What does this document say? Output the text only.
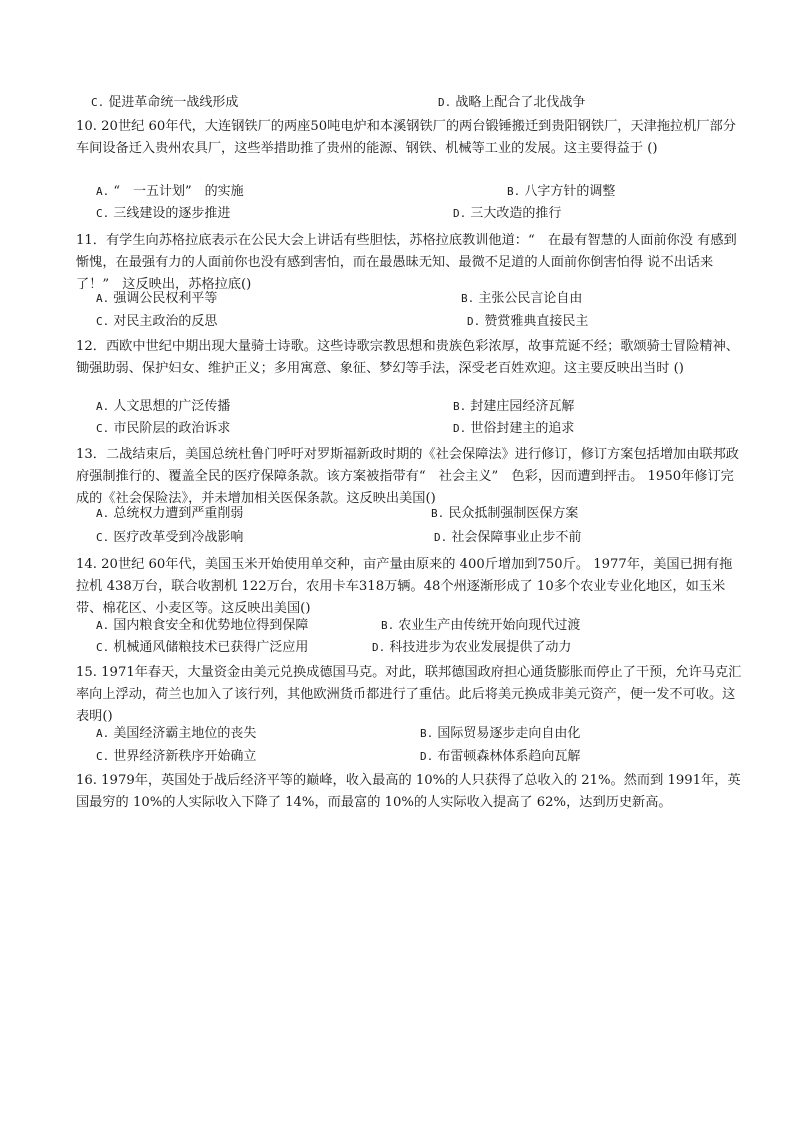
C. 促进革命统一战线形成	D. 战略上配合了北伐战争
10. 20世纪 60年代，大连钢铁厂的两座50吨电炉和本溪钢铁厂的两台锻锤搬迁到贵阳钢铁厂，天津拖拉机厂部分车间设备迁入贵州农具厂，这些举措助推了贵州的能源、钢铁、机械等工业的发展。这主要得益于 ()
A. “　一五计划”　的实施	B. 八字方针的调整
C. 三线建设的逐步推进	D. 三大改造的推行
11．有学生向苏格拉底表示在公民大会上讲话有些胆怯，苏格拉底教训他道：“　在最有智慧的人面前你没 有感到惭愧，在最强有力的人面前你也没有感到害怕，而在最愚昧无知、最微不足道的人面前你倒害怕得 说不出话来了！”　这反映出，苏格拉底()
A. 强调公民权利平等	B. 主张公民言论自由
C. 对民主政治的反思	D. 赞赏雅典直接民主
12．西欧中世纪中期出现大量骑士诗歌。这些诗歌宗教思想和贵族色彩浓厚，故事荒诞不经；歌颂骑士冒险精神、锄强助弱、保护妇女、维护正义；多用寓意、象征、梦幻等手法，深受老百姓欢迎。这主要反映出当时 ()
A. 人文思想的广泛传播	B. 封建庄园经济瓦解
C. 市民阶层的政治诉求	D. 世俗封建主的追求
13．二战结束后，美国总统杜鲁门呼吁对罗斯福新政时期的《社会保障法》进行修订，修订方案包括增加由联邦政府强制推行的、覆盖全民的医疗保障条款。该方案被指带有“　社会主义”　色彩，因而遭到抨击。 1950年修订完成的《社会保险法》，并未增加相关医保条款。这反映出美国()
A. 总统权力遭到严重削弱	B. 民众抵制强制医保方案
C. 医疗改革受到冷战影响	D. 社会保障事业止步不前
14. 20世纪 60年代，美国玉米开始使用单交种，亩产量由原来的 400斤增加到750斤。 1977年，美国已拥有拖拉机 438万台，联合收割机 122万台，农用卡车318万辆。48个州逐渐形成了 10多个农业专业化地区，如玉米带、棉花区、小麦区等。这反映出美国()
A. 国内粮食安全和优势地位得到保障	B. 农业生产由传统开始向现代过渡
C. 机械通风储粮技术已获得广泛应用	D. 科技进步为农业发展提供了动力
15. 1971年春天，大量资金由美元兑换成德国马克。对此，联邦德国政府担心通货膨胀而停止了干预，允许马克汇率向上浮动，荷兰也加入了该行列，其他欧洲货币都进行了重估。此后将美元换成非美元资产，便一发不可收。这表明()
A. 美国经济霸主地位的丧失	B. 国际贸易逐步走向自由化
C. 世界经济新秩序开始确立	D. 布雷顿森林体系趋向瓦解
16. 1979年，英国处于战后经济平等的巅峰，收入最高的 10%的人只获得了总收入的 21%。然而到 1991年，英国最穷的 10%的人实际收入下降了 14%，而最富的 10%的人实际收入提高了 62%，达到历史新高。
